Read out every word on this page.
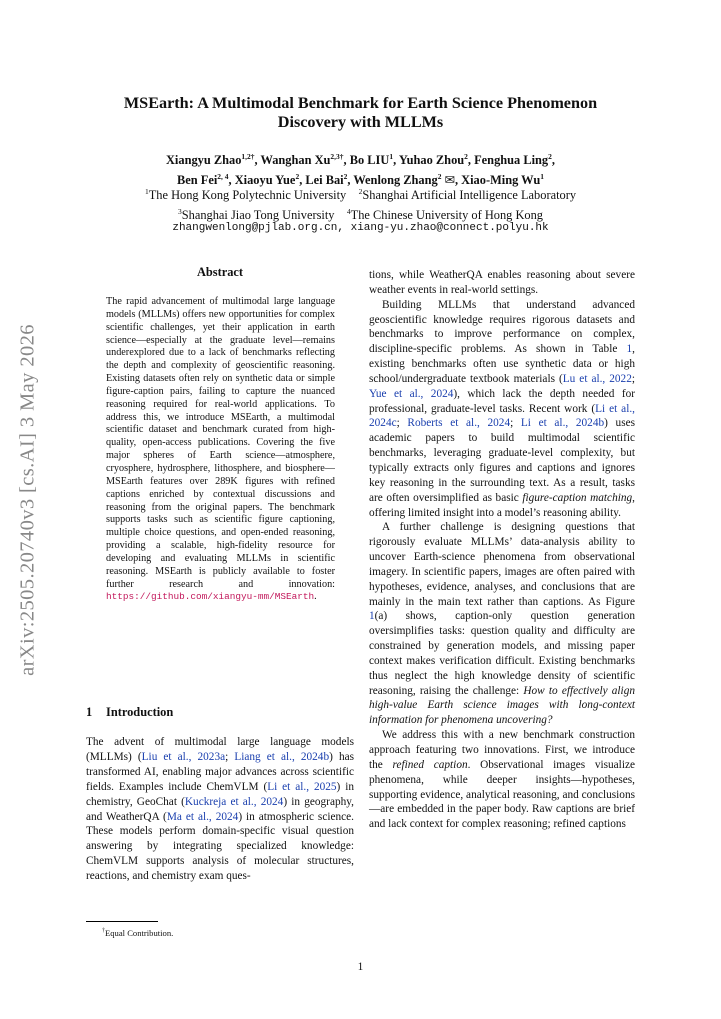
arXiv:2505.20740v3 [cs.AI] 3 May 2026
MSEarth: A Multimodal Benchmark for Earth Science Phenomenon
Discovery with MLLMs
Xiangyu Zhao$^{1,2\dagger}$, Wanghan $Xu^{2,3\dagger}$, Bo LIU$^1$, Yuhao Zhou$^2$, Fenghua Ling$^2$,
Ben Fei$^{2, 4}$, Xiaoyu Yue$^2$, Lei Bai$^2$, Wenlong Zhang$^2$ ✉, Xiao-Ming Wu$^1$
$^1$The Hong Kong Polytechnic University $^2$Shanghai Artificial Intelligence Laboratory
$^3$Shanghai Jiao Tong University $^4$The Chinese University of Hong Kong
zhangwenlong@pjlab.org.cn, xiang-yu.zhao@connect.polyu.hk
Abstract

The rapid advancement of multimodal large language models (MLLMs) offers new opportunities for complex scientific challenges, yet their application in earth science—especially at the graduate level—remains underexplored due to a lack of benchmarks reflecting the depth and complexity of geoscientific reasoning. Existing datasets often rely on synthetic data or simple figure-caption pairs, failing to capture the nuanced reasoning required for real-world applications. To address this, we introduce MSEarth, a multimodal scientific dataset and benchmark curated from high-quality, open-access publications. Covering the five major spheres of Earth science—atmosphere, cryosphere, hydrosphere, lithosphere, and biosphere—MSEarth features over 289K figures with refined captions enriched by contextual discussions and reasoning from the original papers. The benchmark supports tasks such as scientific figure captioning, multiple choice questions, and open-ended reasoning, providing a scalable, high-fidelity resource for developing and evaluating MLLMs in scientific reasoning. MSEarth is publicly available to foster further research and innovation: https://github.com/xiangyu-mm/MSEarth.

1 Introduction

The advent of multimodal large language models (MLLMs) (Liu et al., 2023a; Liang et al., 2024b) has transformed AI, enabling major advances across scientific fields. Examples include ChemVLM (Li et al., 2025) in chemistry, GeoChat (Kuckreja et al., 2024) in geography, and WeatherQA (Ma et al., 2024) in atmospheric science. These models perform domain-specific visual question answering by integrating specialized knowledge: ChemVLM supports analysis of molecular structures, reactions, and chemistry exam ques-

†Equal Contribution.

tions, while WeatherQA enables reasoning about severe weather events in real-world settings.

Building MLLMs that understand advanced geoscientific knowledge requires rigorous datasets and benchmarks to improve performance on complex, discipline-specific problems. As shown in Table 1, existing benchmarks often use synthetic data or high school/undergraduate textbook materials (Lu et al., 2022; Yue et al., 2024), which lack the depth needed for professional, graduate-level tasks. Recent work (Li et al., 2024c; Roberts et al., 2024; Li et al., 2024b) uses academic papers to build multimodal scientific benchmarks, leveraging graduate-level complexity, but typically extracts only figures and captions and ignores key reasoning in the surrounding text. As a result, tasks are often oversimplified as basic figure-caption matching, offering limited insight into a model’s reasoning ability.

A further challenge is designing questions that rigorously evaluate MLLMs’ data-analysis ability to uncover Earth-science phenomena from observational imagery. In scientific papers, images are often paired with hypotheses, evidence, analyses, and conclusions that are mainly in the main text rather than captions. As Figure 1(a) shows, caption-only question generation oversimplifies tasks: question quality and difficulty are constrained by generation models, and missing paper context makes verification difficult. Existing benchmarks thus neglect the high knowledge density of scientific reasoning, raising the challenge: How to effectively align high-value Earth science images with long-context information for phenomena uncovering?

We address this with a new benchmark construction approach featuring two innovations. First, we introduce the refined caption. Observational images visualize phenomena, while deeper insights—hypotheses, supporting evidence, analytical reasoning, and conclusions—are embedded in the paper body. Raw captions are brief and lack context for complex reasoning; refined captions

1
